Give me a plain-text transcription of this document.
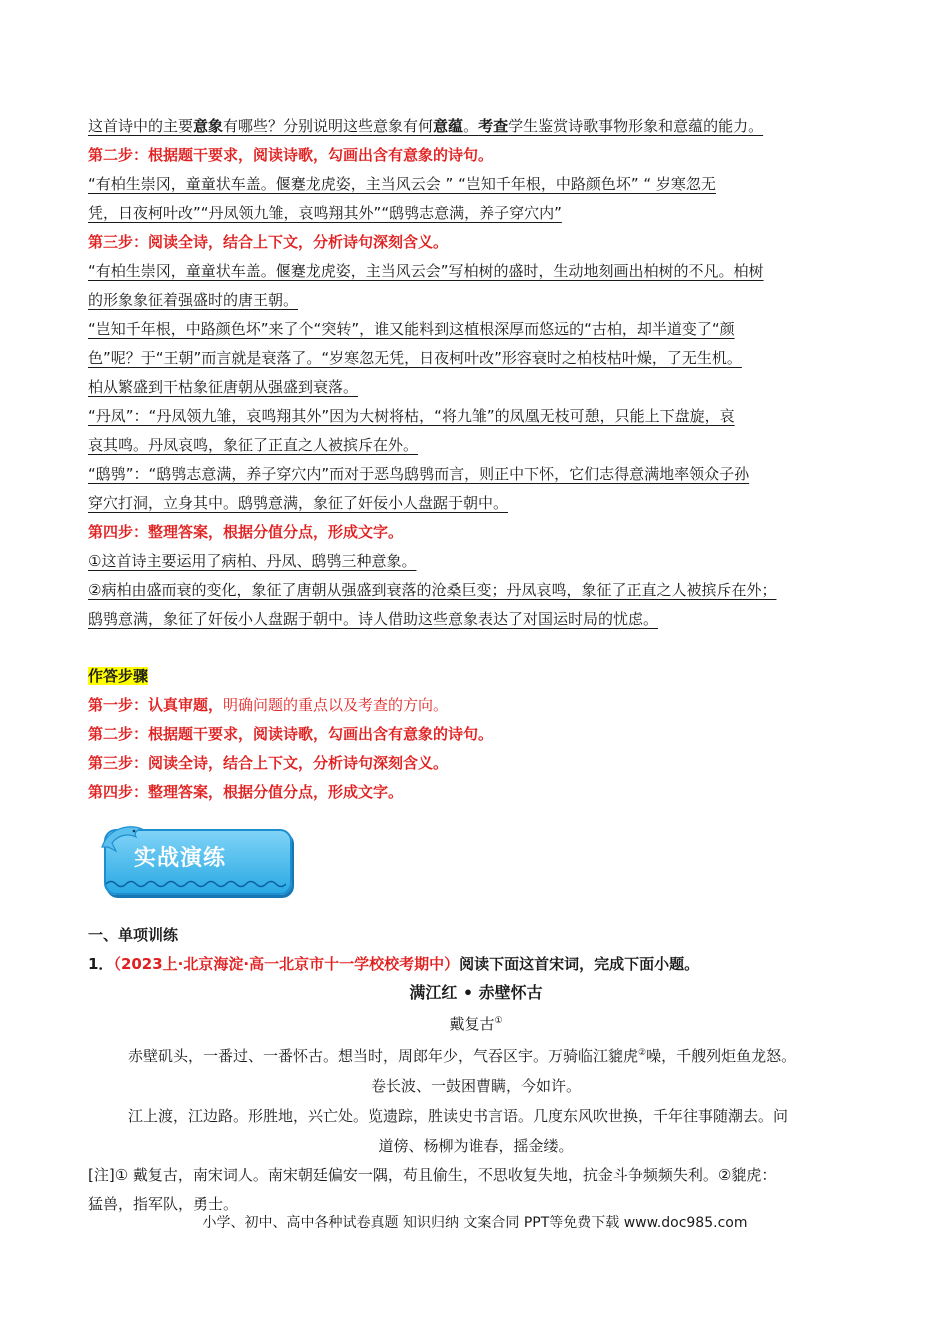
这首诗中的主要意象有哪些？分别说明这些意象有何意蕴。考查学生鉴赏诗歌事物形象和意蕴的能力。
第二步：根据题干要求，阅读诗歌，勾画出含有意象的诗句。
“有柏生崇冈，童童状车盖。偃蹇龙虎姿，主当风云会 ” “岂知千年根，中路颜色坏” “ 岁寒忽无
凭，日夜柯叶改”“丹凤领九雏，哀鸣翔其外”“鸱鸮志意满，养子穿穴内”
第三步：阅读全诗，结合上下文，分析诗句深刻含义。
“有柏生崇冈，童童状车盖。偃蹇龙虎姿，主当风云会”写柏树的盛时，生动地刻画出柏树的不凡。柏树
的形象象征着强盛时的唐王朝。
“岂知千年根，中路颜色坏”来了个“突转”，谁又能料到这植根深厚而悠远的“古柏，却半道变了“颜
色”呢？于“王朝”而言就是衰落了。“岁寒忽无凭，日夜柯叶改”形容衰时之柏枝枯叶燥，了无生机。
柏从繁盛到干枯象征唐朝从强盛到衰落。
“丹凤”：“丹凤领九雏，哀鸣翔其外”因为大树将枯，“将九雏”的凤凰无枝可憩，只能上下盘旋，哀
哀其鸣。丹凤哀鸣，象征了正直之人被摈斥在外。
“鸱鸮”：“鸱鸮志意满，养子穿穴内”而对于恶鸟鸱鸮而言，则正中下怀，它们志得意满地率领众子孙
穿穴打洞，立身其中。鸱鸮意满，象征了奸佞小人盘踞于朝中。
第四步：整理答案，根据分值分点，形成文字。
①这首诗主要运用了病柏、丹凤、鸱鸮三种意象。
②病柏由盛而衰的变化，象征了唐朝从强盛到衰落的沧桑巨变；丹凤哀鸣，象征了正直之人被摈斥在外；
鸱鸮意满，象征了奸佞小人盘踞于朝中。诗人借助这些意象表达了对国运时局的忧虑。
作答步骤
第一步：认真审题，明确问题的重点以及考查的方向。
第二步：根据题干要求，阅读诗歌，勾画出含有意象的诗句。
第三步：阅读全诗，结合上下文，分析诗句深刻含义。
第四步：整理答案，根据分值分点，形成文字。
实战演练
一、单项训练
1．（2023上·北京海淀·高一北京市十一学校校考期中）阅读下面这首宋词，完成下面小题。
满江红 • 赤壁怀古
戴复古①
赤壁矶头，一番过、一番怀古。想当时，周郎年少，气吞区宇。万骑临江貔虎②噪，千艘列炬鱼龙怒。
卷长波、一鼓困曹瞒，今如许。
江上渡，江边路。形胜地，兴亡处。览遗踪，胜读史书言语。几度东风吹世换，千年往事随潮去。问
道傍、杨柳为谁春，摇金缕。
[注]① 戴复古，南宋词人。南宋朝廷偏安一隅，苟且偷生，不思收复失地，抗金斗争频频失利。②貔虎：
猛兽，指军队，勇士。
小学、初中、高中各种试卷真题 知识归纳 文案合同 PPT等免费下载 www.doc985.com
